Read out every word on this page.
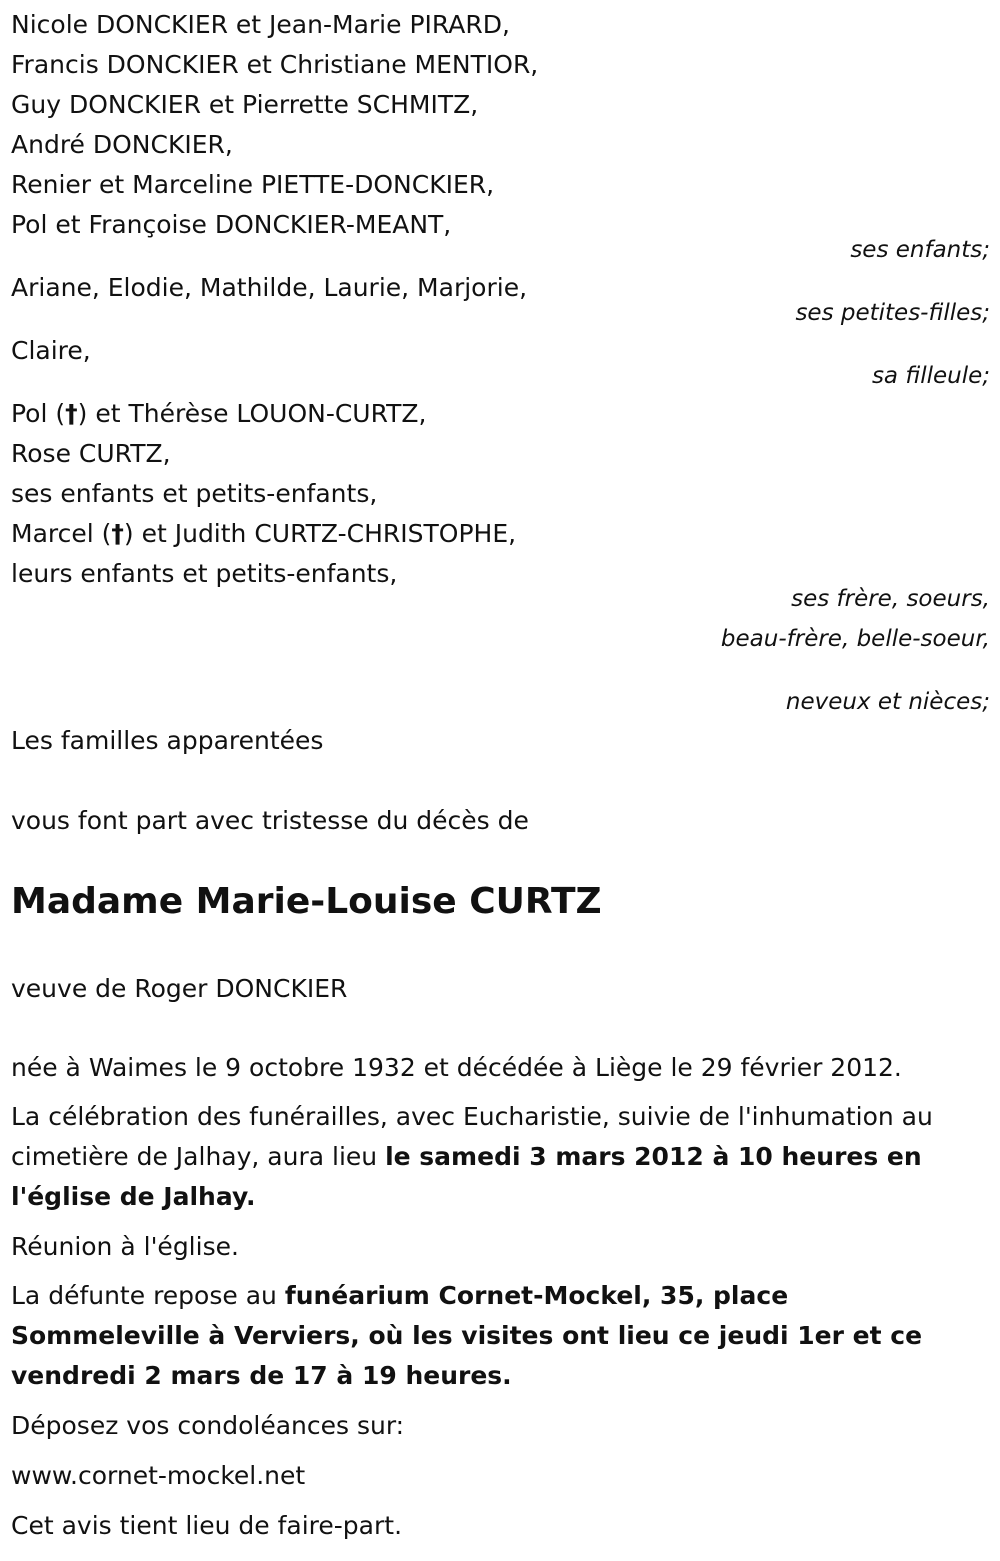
Nicole DONCKIER et Jean-Marie PIRARD,
Francis DONCKIER et Christiane MENTIOR,
Guy DONCKIER et Pierrette SCHMITZ,
André DONCKIER,
Renier et Marceline PIETTE-DONCKIER,
Pol et Françoise DONCKIER-MEANT,
ses enfants;
Ariane, Elodie, Mathilde, Laurie, Marjorie,
ses petites-filles;
Claire,
sa filleule;
Pol (†) et Thérèse LOUON-CURTZ,
Rose CURTZ,
ses enfants et petits-enfants,
Marcel (†) et Judith CURTZ-CHRISTOPHE,
leurs enfants et petits-enfants,
ses frère, soeurs,
beau-frère, belle-soeur,
neveux et nièces;
Les familles apparentées
vous font part avec tristesse du décès de
Madame Marie-Louise CURTZ
veuve de Roger DONCKIER
née à Waimes le 9 octobre 1932 et décédée à Liège le 29 février 2012.
La célébration des funérailles, avec Eucharistie, suivie de l'inhumation au cimetière de Jalhay, aura lieu le samedi 3 mars 2012 à 10 heures en l'église de Jalhay.
Réunion à l'église.
La défunte repose au funéarium Cornet-Mockel, 35, place Sommeleville à Verviers, où les visites ont lieu ce jeudi 1er et ce vendredi 2 mars de 17 à 19 heures.
Déposez vos condoléances sur:
www.cornet-mockel.net
Cet avis tient lieu de faire-part.
